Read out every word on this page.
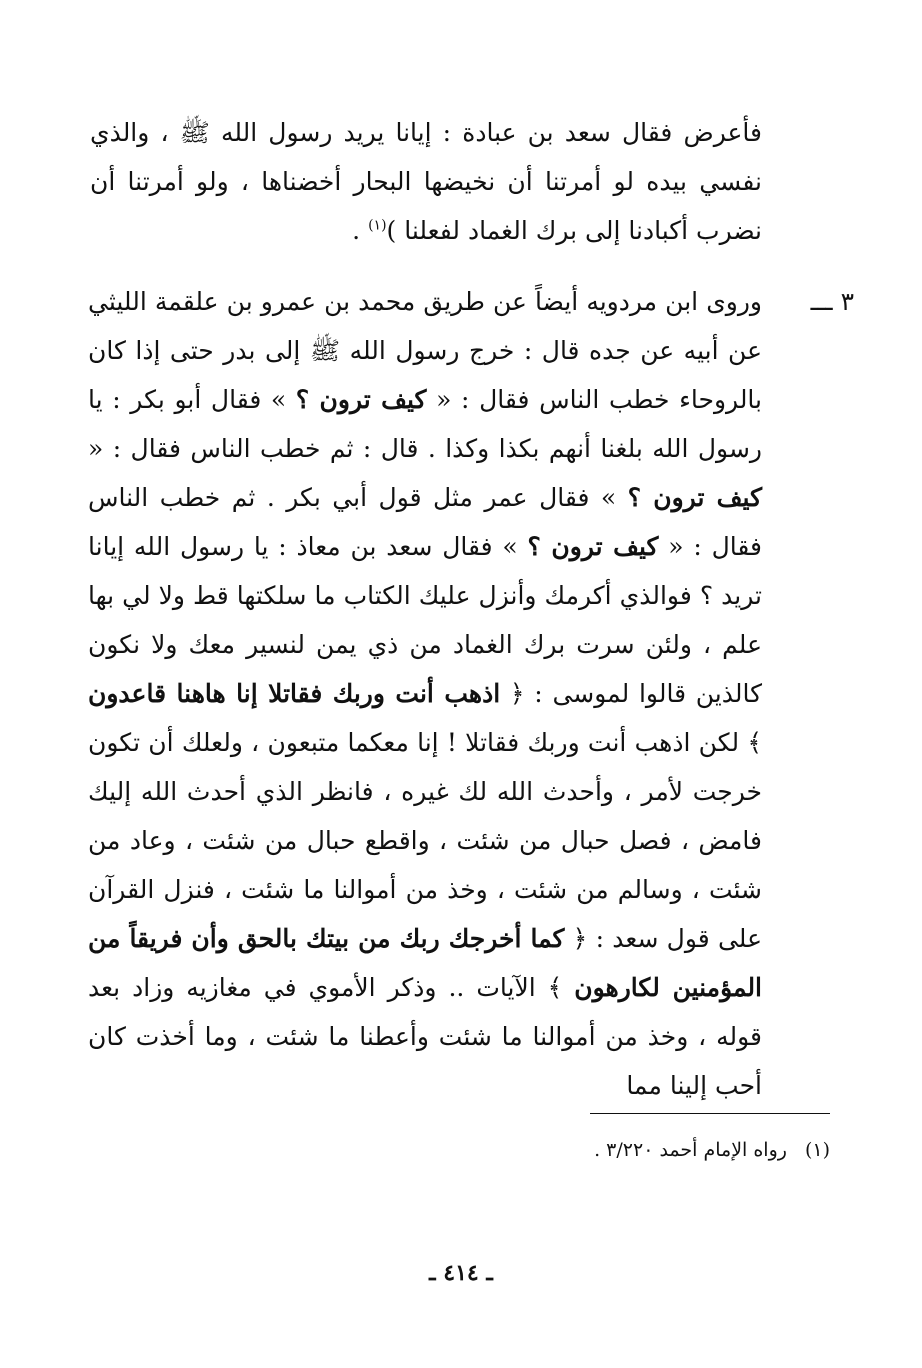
فأعرض فقال سعد بن عبادة : إيانا يريد رسول الله ﷺ ، والذي نفسي بيده لو أمرتنا أن نخيضها البحار أخضناها ، ولو أمرتنا أن نضرب أكبادنا إلى برك الغماد لفعلنا )$^{(١)}$ .

٣ ـــ

وروى ابن مردويه أيضاً عن طريق محمد بن عمرو بن علقمة الليثي عن أبيه عن جده قال : خرج رسول الله ﷺ إلى بدر حتى إذا كان بالروحاء خطب الناس فقال : « كيف ترون ؟ » فقال أبو بكر : يا رسول الله بلغنا أنهم بكذا وكذا . قال : ثم خطب الناس فقال : « كيف ترون ؟ » فقال عمر مثل قول أبي بكر . ثم خطب الناس فقال : « كيف ترون ؟ » فقال سعد بن معاذ : يا رسول الله إيانا تريد ؟ فوالذي أكرمك وأنزل عليك الكتاب ما سلكتها قط ولا لي بها علم ، ولئن سرت برك الغماد من ذي يمن لنسير معك ولا نكون كالذين قالوا لموسى : ﴿ اذهب أنت وربك فقاتلا إنا هاهنا قاعدون ﴾ لكن اذهب أنت وربك فقاتلا ! إنا معكما متبعون ، ولعلك أن تكون خرجت لأمر ، وأحدث الله لك غيره ، فانظر الذي أحدث الله إليك فامض ، فصل حبال من شئت ، واقطع حبال من شئت ، وعاد من شئت ، وسالم من شئت ، وخذ من أموالنا ما شئت ، فنزل القرآن على قول سعد : ﴿ كما أخرجك ربك من بيتك بالحق وأن فريقاً من المؤمنين لكارهون ﴾ الآيات .. وذكر الأموي في مغازيه وزاد بعد قوله ، وخذ من أموالنا ما شئت وأعطنا ما شئت ، وما أخذت كان أحب إلينا مما

(١)رواه الإمام أحمد ٣/٢٢٠ .
ـ ٤١٤ ـ
